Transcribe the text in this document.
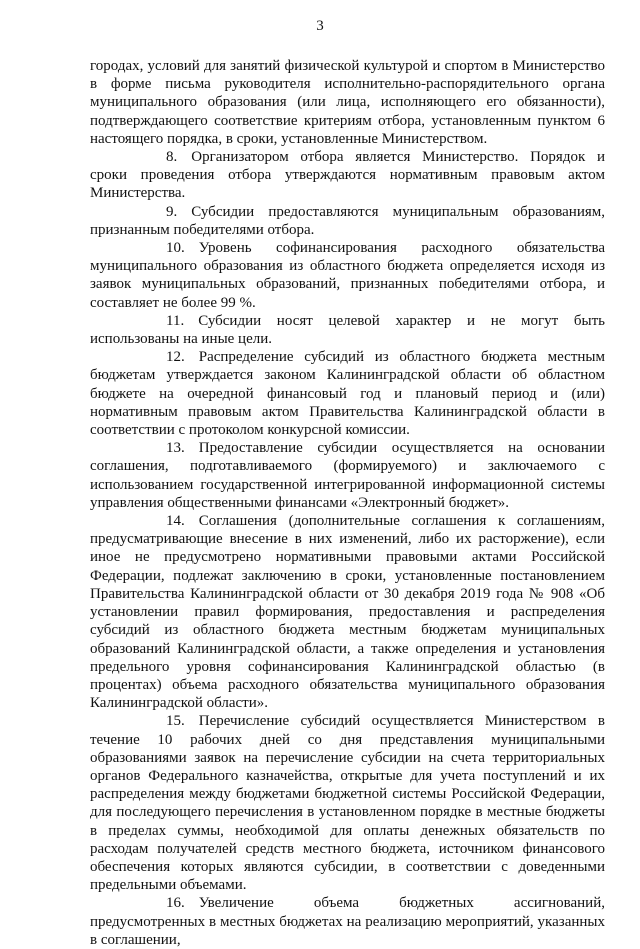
3

городах, условий для занятий физической культурой и спортом в Министерство в форме письма руководителя исполнительно-распорядительного органа муниципального образования (или лица, исполняющего его обязанности), подтверждающего соответствие критериям отбора, установленным пунктом 6 настоящего порядка, в сроки, установленные Министерством.

8. Организатором отбора является Министерство. Порядок и сроки проведения отбора утверждаются нормативным правовым актом Министерства.

9. Субсидии предоставляются муниципальным образованиям, признанным победителями отбора.

10. Уровень софинансирования расходного обязательства муниципального образования из областного бюджета определяется исходя из заявок муниципальных образований, признанных победителями отбора, и составляет не более 99 %.

11. Субсидии носят целевой характер и не могут быть использованы на иные цели.

12. Распределение субсидий из областного бюджета местным бюджетам утверждается законом Калининградской области об областном бюджете на очередной финансовый год и плановый период и (или) нормативным правовым актом Правительства Калининградской области в соответствии с протоколом конкурсной комиссии.

13. Предоставление субсидии осуществляется на основании соглашения, подготавливаемого (формируемого) и заключаемого с использованием государственной интегрированной информационной системы управления общественными финансами «Электронный бюджет».

14. Соглашения (дополнительные соглашения к соглашениям, предусматривающие внесение в них изменений, либо их расторжение), если иное не предусмотрено нормативными правовыми актами Российской Федерации, подлежат заключению в сроки, установленные постановлением Правительства Калининградской области от 30 декабря 2019 года № 908 «Об установлении правил формирования, предоставления и распределения субсидий из областного бюджета местным бюджетам муниципальных образований Калининградской области, а также определения и установления предельного уровня софинансирования Калининградской областью (в процентах) объема расходного обязательства муниципального образования Калининградской области».

15. Перечисление субсидий осуществляется Министерством в течение 10 рабочих дней со дня представления муниципальными образованиями заявок на перечисление субсидии на счета территориальных органов Федерального казначейства, открытые для учета поступлений и их распределения между бюджетами бюджетной системы Российской Федерации, для последующего перечисления в установленном порядке в местные бюджеты в пределах суммы, необходимой для оплаты денежных обязательств по расходам получателей средств местного бюджета, источником финансового обеспечения которых являются субсидии, в соответствии с доведенными предельными объемами.

16. Увеличение объема бюджетных ассигнований, предусмотренных в местных бюджетах на реализацию мероприятий, указанных в соглашении,
